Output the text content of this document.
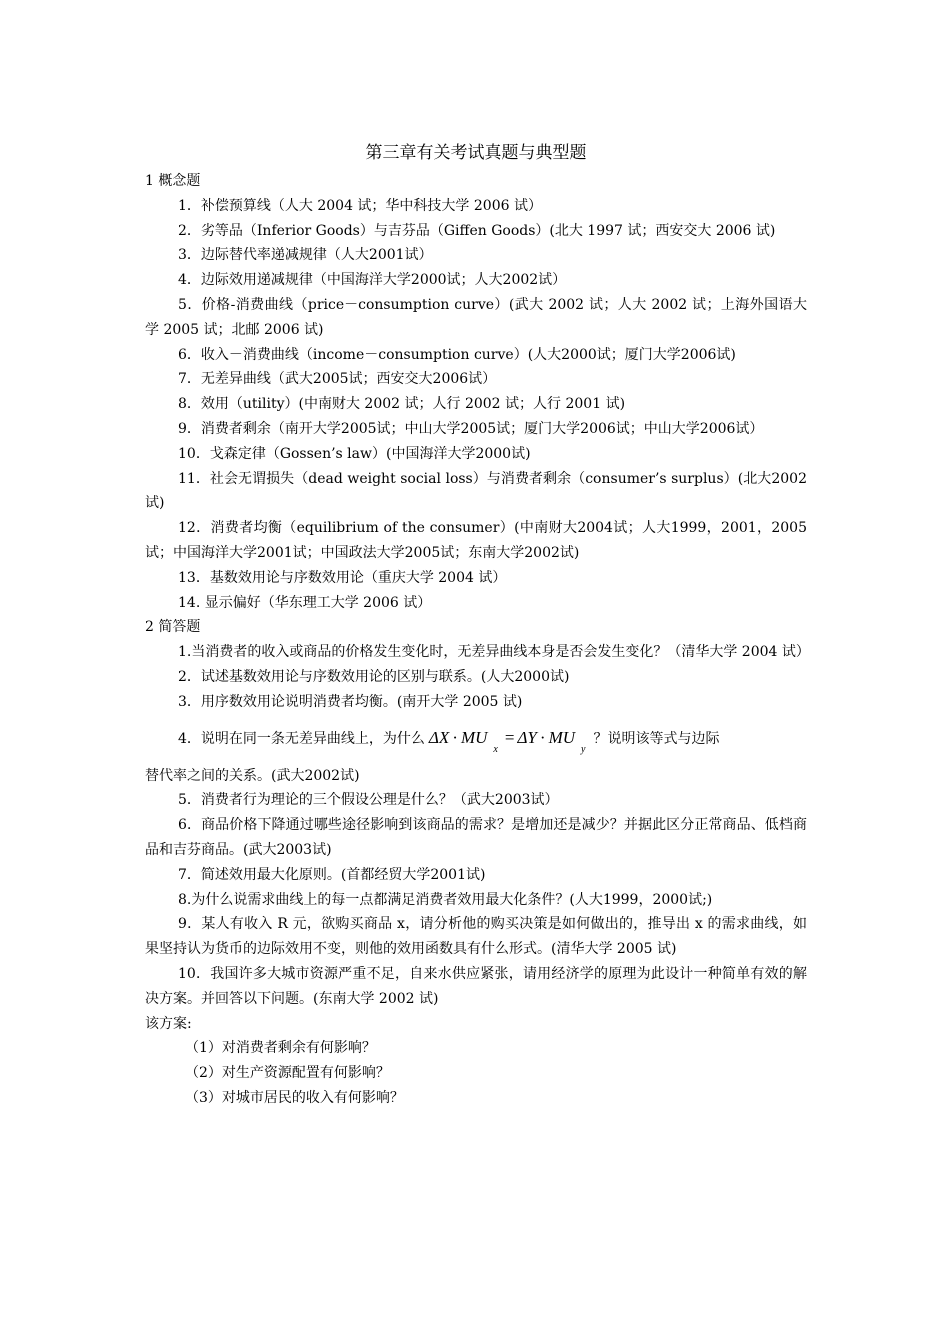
第三章有关考试真题与典型题

1 概念题

1．补偿预算线（人大 2004 试；华中科技大学 2006 试）

2．劣等品（Inferior Goods）与吉芬品（Giffen Goods）(北大 1997 试；西安交大 2006 试)

3．边际替代率递减规律（人大2001试）

4．边际效用递减规律（中国海洋大学2000试；人大2002试）

5．价格-消费曲线（price－consumption curve）(武大 2002 试；人大 2002 试；上海外国语大学 2005 试；北邮 2006 试)

6．收入－消费曲线（income－consumption curve）(人大2000试；厦门大学2006试)

7．无差异曲线（武大2005试；西安交大2006试）

8．效用（utility）(中南财大 2002 试；人行 2002 试；人行 2001 试)

9．消费者剩余（南开大学2005试；中山大学2005试；厦门大学2006试；中山大学2006试）

10．戈森定律（Gossen’s law）(中国海洋大学2000试)

11．社会无谓损失（dead weight social loss）与消费者剩余（consumer’s surplus）(北大2002试)

12．消费者均衡（equilibrium of the consumer）(中南财大2004试；人大1999，2001，2005试；中国海洋大学2001试；中国政法大学2005试；东南大学2002试)

13．基数效用论与序数效用论（重庆大学 2004 试）

14. 显示偏好（华东理工大学 2006 试）

2 简答题

1.当消费者的收入或商品的价格发生变化时，无差异曲线本身是否会发生变化？（清华大学 2004 试）

2．试述基数效用论与序数效用论的区别与联系。(人大2000试)

3．用序数效用论说明消费者均衡。(南开大学 2005 试)

4．说明在同一条无差异曲线上，为什么 $\Delta X \cdot MU_x= \Delta Y \cdot MU_y$？说明该等式与边际

替代率之间的关系。(武大2002试)

5．消费者行为理论的三个假设公理是什么？（武大2003试）

6．商品价格下降通过哪些途径影响到该商品的需求？是增加还是减少？并据此区分正常商品、低档商品和吉芬商品。(武大2003试)

7．简述效用最大化原则。(首都经贸大学2001试)

8.为什么说需求曲线上的每一点都满足消费者效用最大化条件？(人大1999，2000试;)

9．某人有收入 R 元，欲购买商品 x，请分析他的购买决策是如何做出的，推导出 x 的需求曲线，如果坚持认为货币的边际效用不变，则他的效用函数具有什么形式。(清华大学 2005 试)

10．我国许多大城市资源严重不足，自来水供应紧张，请用经济学的原理为此设计一种简单有效的解决方案。并回答以下问题。(东南大学 2002 试)

该方案:

（1）对消费者剩余有何影响？

（2）对生产资源配置有何影响？

（3）对城市居民的收入有何影响？
